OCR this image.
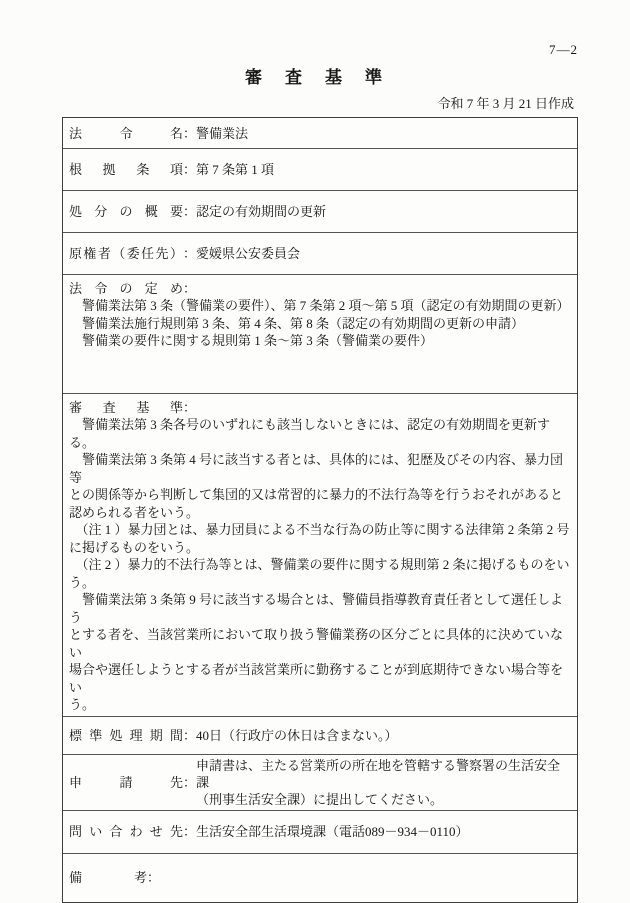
7—2
審　査　基　準
令和 7 年 3 月 21 日作成
法令名： 警備業法
根拠条項： 第 7 条第 1 項
処分の概要： 認定の有効期間の更新
原権者（委任先）： 愛媛県公安委員会
法令の定め：
　警備業法第 3 条（警備業の要件）、第 7 条第 2 項～第 5 項（認定の有効期間の更新）
　警備業法施行規則第 3 条、第 4 条、第 8 条（認定の有効期間の更新の申請）
　警備業の要件に関する規則第 1 条～第 3 条（警備業の要件）
審査基準：
　警備業法第 3 条各号のいずれにも該当しないときには、認定の有効期間を更新する。
　警備業法第 3 条第 4 号に該当する者とは、具体的には、犯歴及びその内容、暴力団等
との関係等から判断して集団的又は常習的に暴力的不法行為等を行うおそれがあると
認められる者をいう。
　（注 1 ）暴力団とは、暴力団員による不当な行為の防止等に関する法律第 2 条第 2 号
に掲げるものをいう。
　（注 2 ）暴力的不法行為等とは、警備業の要件に関する規則第 2 条に掲げるものをい
う。
　警備業法第 3 条第 9 号に該当する場合とは、警備員指導教育責任者として選任しよう
とする者を、当該営業所において取り扱う警備業務の区分ごとに具体的に決めていない
場合や選任しようとする者が当該営業所に勤務することが到底期待できない場合等をい
う。
標準処理期間： 40日（行政庁の休日は含まない。）
申請先：
申請書は、主たる営業所の所在地を管轄する警察署の生活安全課
（刑事生活安全課）に提出してください。
問い合わせ先： 生活安全部生活環境課（電話089－934－0110）
備　　　　考：
